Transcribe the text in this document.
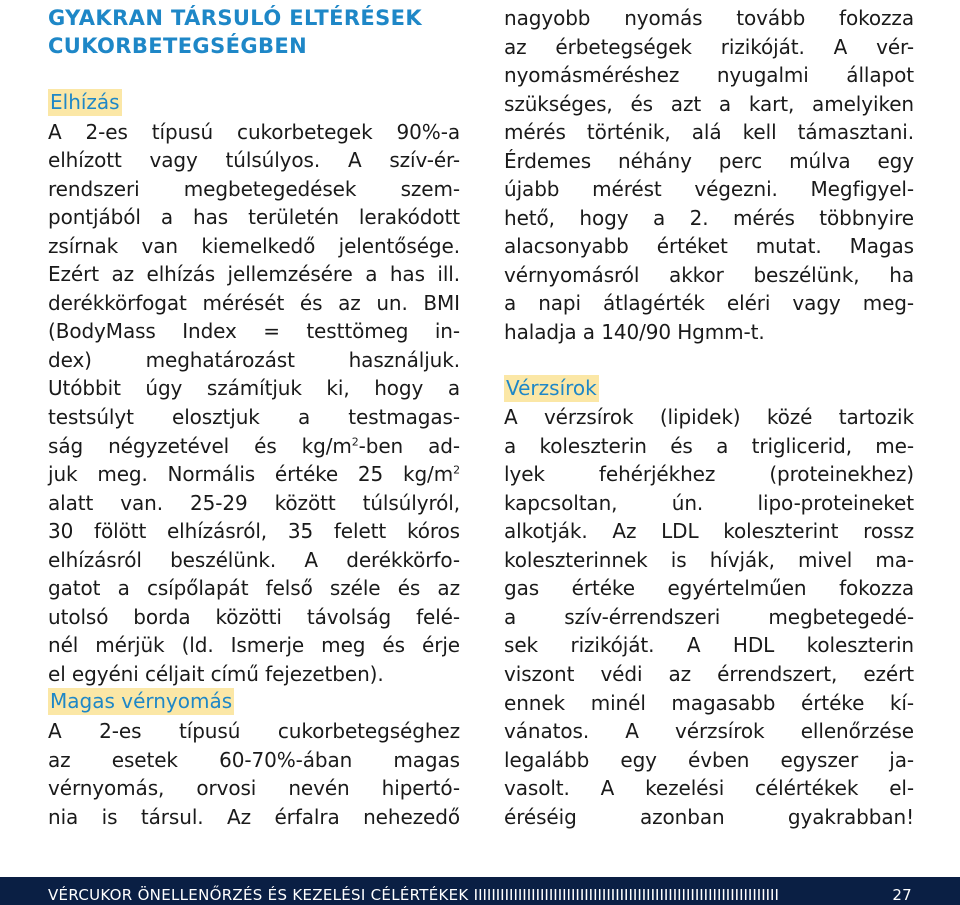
GYAKRAN TÁRSULÓ ELTÉRÉSEK
CUKORBETEGSÉGBEN
Elhízás
A 2-es típusú cukorbetegek 90%-a
elhízott vagy túlsúlyos. A szív-ér-
rendszeri megbetegedések szem-
pontjából a has területén lerakódott
zsírnak van kiemelkedő jelentősége.
Ezért az elhízás jellemzésére a has ill.
derékkörfogat mérését és az un. BMI
(BodyMass Index = testtömeg in-
dex) meghatározást használjuk.
Utóbbit úgy számítjuk ki, hogy a
testsúlyt elosztjuk a testmagas-
ság négyzetével és $kg/m^2$-ben ad-
juk meg. Normális értéke 25 $kg/m^2$
alatt van. 25-29 között túlsúlyról,
30 fölött elhízásról, 35 felett kóros
elhízásról beszélünk. A derékkörfo-
gatot a csípőlapát felső széle és az
utolsó borda közötti távolság felé-
nél mérjük (ld. Ismerje meg és érje
el egyéni céljait című fejezetben).
Magas vérnyomás
A 2-es típusú cukorbetegséghez
az esetek 60-70%-ában magas
vérnyomás, orvosi nevén hipertó-
nia is társul. Az érfalra nehezedő
nagyobb nyomás tovább fokozza
az érbetegségek rizikóját. A vér-
nyomásméréshez nyugalmi állapot
szükséges, és azt a kart, amelyiken
mérés történik, alá kell támasztani.
Érdemes néhány perc múlva egy
újabb mérést végezni. Megfigyel-
hető, hogy a 2. mérés többnyire
alacsonyabb értéket mutat. Magas
vérnyomásról akkor beszélünk, ha
a napi átlagérték eléri vagy meg-
haladja a 140/90 Hgmm-t.
Vérzsírok
A vérzsírok (lipidek) közé tartozik
a koleszterin és a triglicerid, me-
lyek fehérjékhez (proteinekhez)
kapcsoltan, ún. lipo-proteineket
alkotják. Az LDL koleszterint rossz
koleszterinnek is hívják, mivel ma-
gas értéke egyértelműen fokozza
a szív-érrendszeri megbetegedé-
sek rizikóját. A HDL koleszterin
viszont védi az érrendszert, ezért
ennek minél magasabb értéke kí-
vánatos. A vérzsírok ellenőrzése
legalább egy évben egyszer ja-
vasolt. A kezelési célértékek el-
éréséig azonban gyakrabban!
VÉRCUKOR ÖNELLENŐRZÉS ÉS KEZELÉSI CÉLÉRTÉKEK IIIIIIIIIIIIIIIIIIIIIIIIIIIIIIIIIIIIIIIIIIIIIIIIIIIIIIIIIIIIIIIIIIIII	27
